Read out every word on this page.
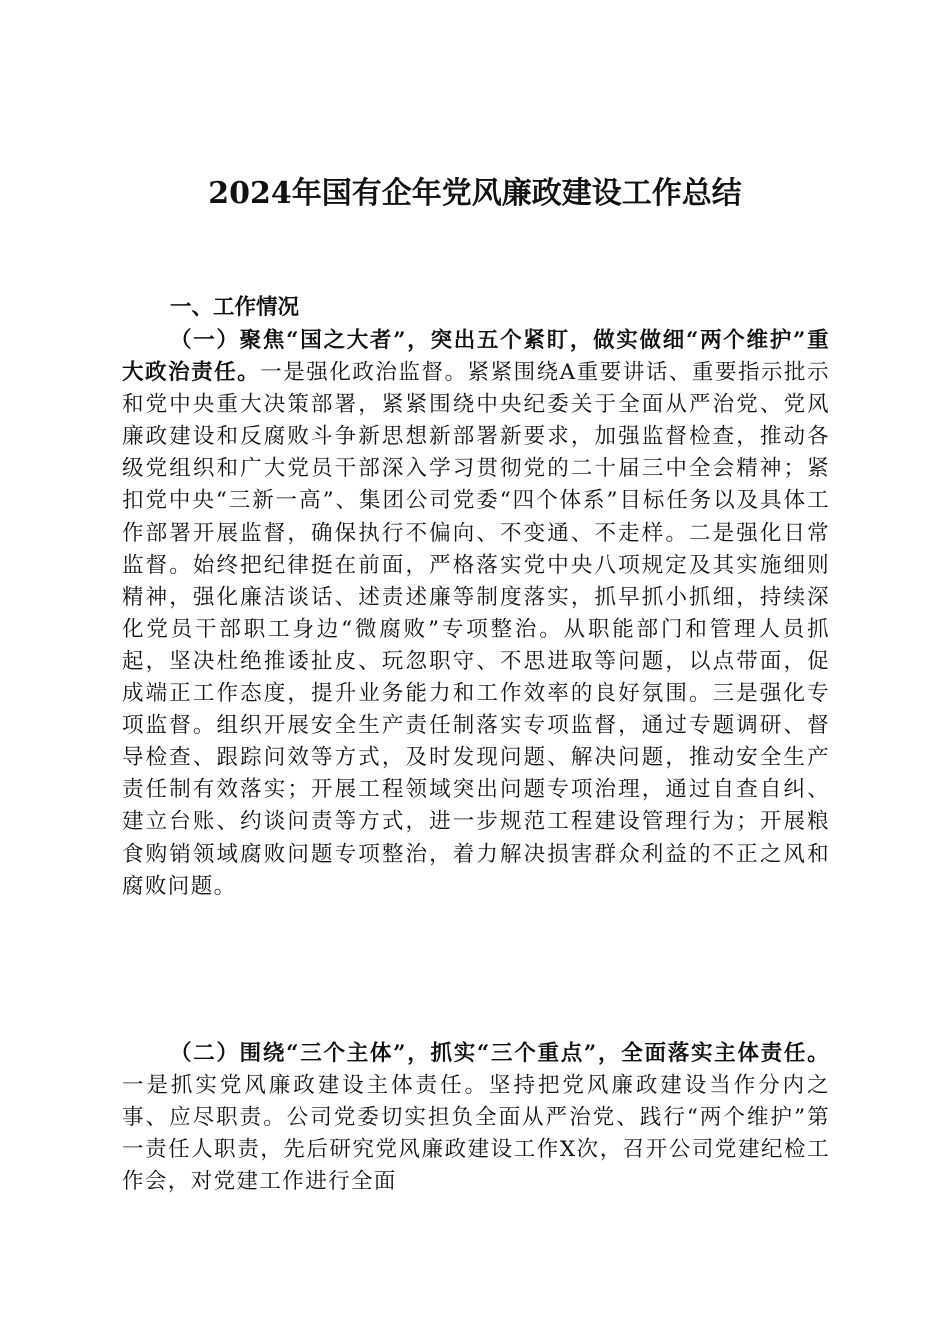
2024年国有企年党风廉政建设工作总结
一、工作情况

（一）聚焦“国之大者”，突出五个紧盯，做实做细“两个维护”重大政治责任。一是强化政治监督。紧紧围绕A重要讲话、重要指示批示和党中央重大决策部署，紧紧围绕中央纪委关于全面从严治党、党风廉政建设和反腐败斗争新思想新部署新要求，加强监督检查，推动各级党组织和广大党员干部深入学习贯彻党的二十届三中全会精神；紧扣党中央“三新一高”、集团公司党委“四个体系”目标任务以及具体工作部署开展监督，确保执行不偏向、不变通、不走样。二是强化日常监督。始终把纪律挺在前面，严格落实党中央八项规定及其实施细则精神，强化廉洁谈话、述责述廉等制度落实，抓早抓小抓细，持续深化党员干部职工身边“微腐败”专项整治。从职能部门和管理人员抓起，坚决杜绝推诿扯皮、玩忽职守、不思进取等问题，以点带面，促成端正工作态度，提升业务能力和工作效率的良好氛围。三是强化专项监督。组织开展安全生产责任制落实专项监督，通过专题调研、督导检查、跟踪问效等方式，及时发现问题、解决问题，推动安全生产责任制有效落实；开展工程领域突出问题专项治理，通过自查自纠、建立台账、约谈问责等方式，进一步规范工程建设管理行为；开展粮食购销领域腐败问题专项整治，着力解决损害群众利益的不正之风和腐败问题。

（二）围绕“三个主体”，抓实“三个重点”，全面落实主体责任。一是抓实党风廉政建设主体责任。坚持把党风廉政建设当作分内之事、应尽职责。公司党委切实担负全面从严治党、践行“两个维护”第一责任人职责，先后研究党风廉政建设工作X次，召开公司党建纪检工作会，对党建工作进行全面
